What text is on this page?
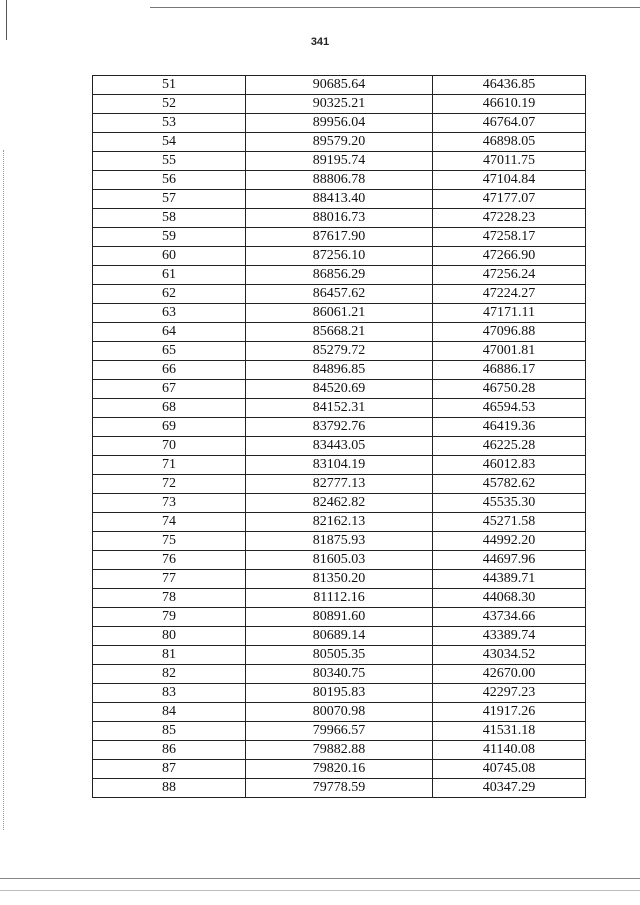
341
51	90685.64	46436.85
52	90325.21	46610.19
53	89956.04	46764.07
54	89579.20	46898.05
55	89195.74	47011.75
56	88806.78	47104.84
57	88413.40	47177.07
58	88016.73	47228.23
59	87617.90	47258.17
60	87256.10	47266.90
61	86856.29	47256.24
62	86457.62	47224.27
63	86061.21	47171.11
64	85668.21	47096.88
65	85279.72	47001.81
66	84896.85	46886.17
67	84520.69	46750.28
68	84152.31	46594.53
69	83792.76	46419.36
70	83443.05	46225.28
71	83104.19	46012.83
72	82777.13	45782.62
73	82462.82	45535.30
74	82162.13	45271.58
75	81875.93	44992.20
76	81605.03	44697.96
77	81350.20	44389.71
78	81112.16	44068.30
79	80891.60	43734.66
80	80689.14	43389.74
81	80505.35	43034.52
82	80340.75	42670.00
83	80195.83	42297.23
84	80070.98	41917.26
85	79966.57	41531.18
86	79882.88	41140.08
87	79820.16	40745.08
88	79778.59	40347.29
